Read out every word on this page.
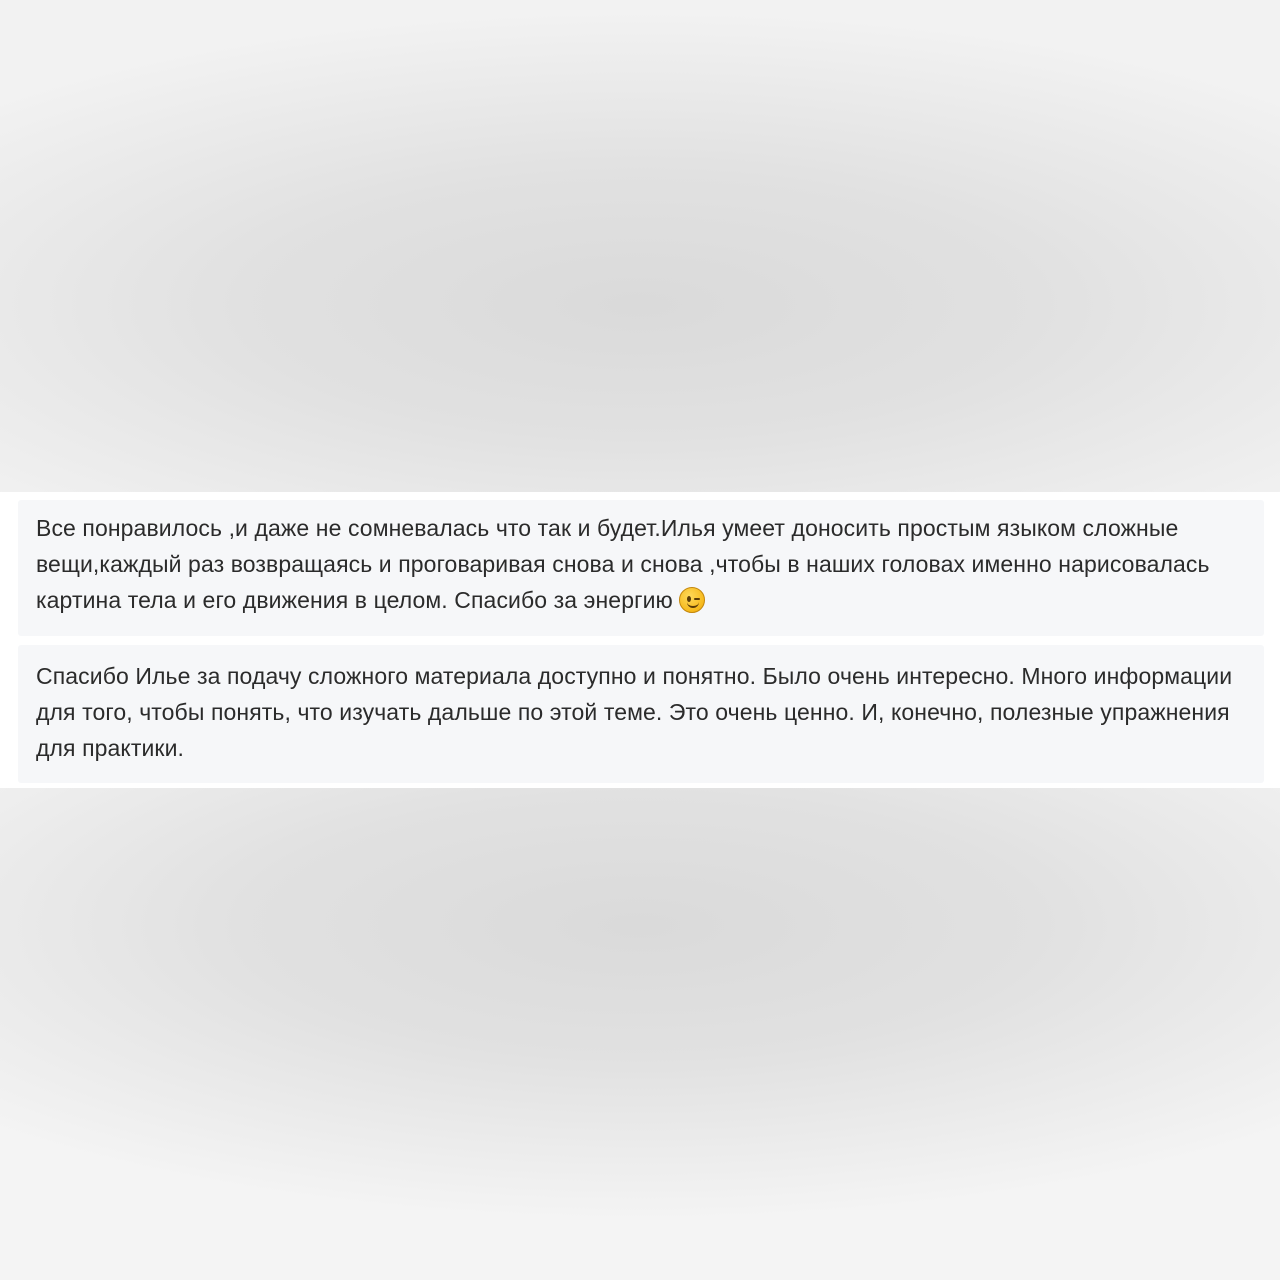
Все понравилось ,и даже не сомневалась что так и будет.Илья умеет доносить простым языком сложные вещи,каждый раз возвращаясь и проговаривая снова и снова ,чтобы в наших головах именно нарисовалась картина тела и его движения в целом. Спасибо за энергию
Спасибо Илье за подачу сложного материала доступно и понятно. Было очень интересно. Много информации для того, чтобы понять, что изучать дальше по этой теме. Это очень ценно. И, конечно, полезные упражнения для практики.
